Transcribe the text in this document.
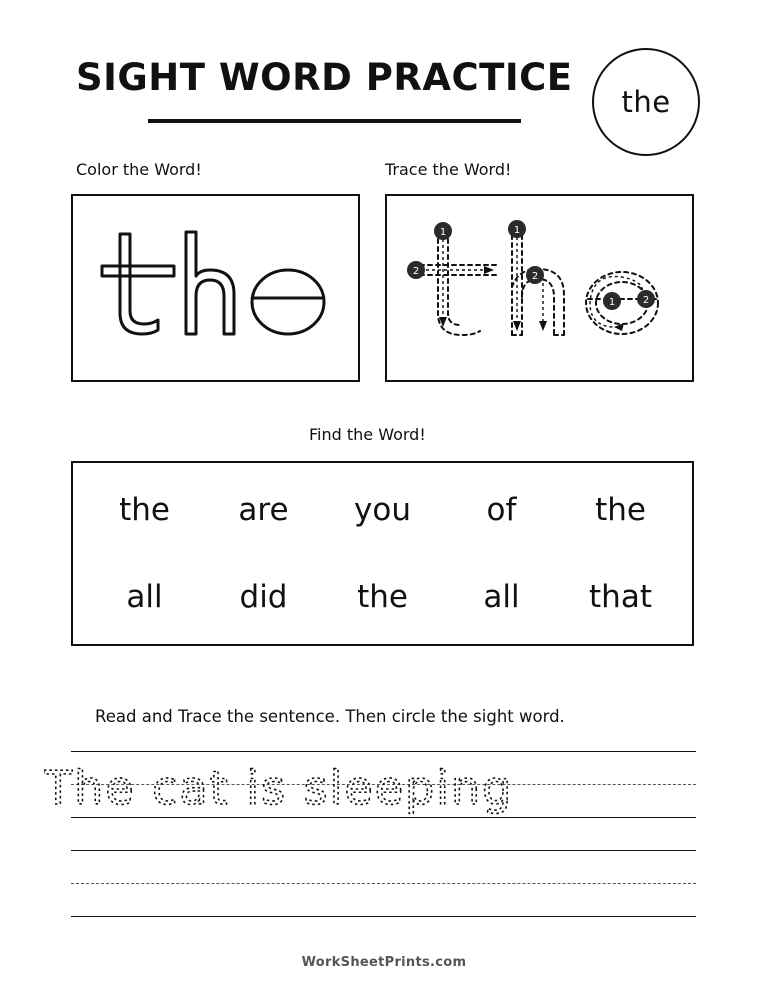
SIGHT WORD PRACTICE
the
Color the Word!	Trace the Word!
1
2
1
2
1	2
Find the Word!
the are you of	the
all did the all that
Read and Trace the sentence. Then circle the sight word.
The cat is sleeping
WorkSheetPrints.com
